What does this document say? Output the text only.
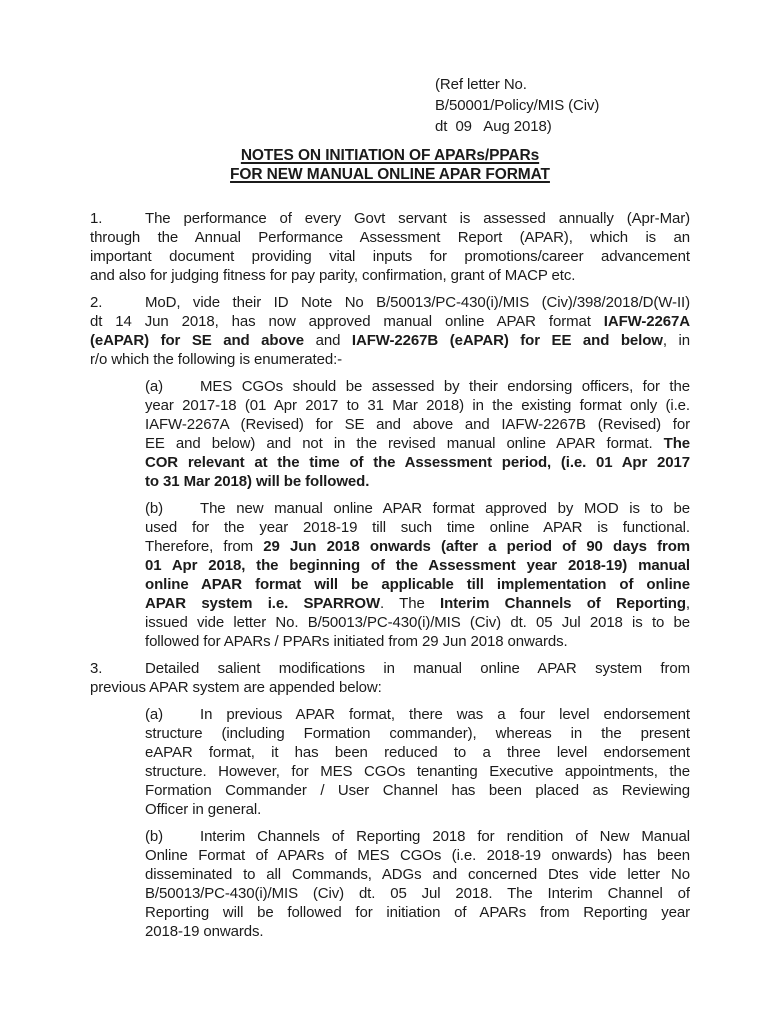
(Ref letter No.
B/50001/Policy/MIS (Civ)
dt  09   Aug 2018)
NOTES ON INITIATION OF APARs/PPARs
FOR NEW MANUAL ONLINE APAR FORMAT
1.	The performance of every Govt servant is assessed annually (Apr-Mar)
through the Annual Performance Assessment Report (APAR), which is an
important document providing vital inputs for promotions/career advancement
and also for judging fitness for pay parity, confirmation, grant of MACP etc.
2.	MoD, vide their ID Note No B/50013/PC-430(i)/MIS (Civ)/398/2018/D(W-II)
dt 14 Jun 2018, has now approved manual online APAR format IAFW-2267A
(eAPAR) for SE and above and IAFW-2267B (eAPAR) for EE and below, in
r/o which the following is enumerated:-
(a) MES CGOs should be assessed by their endorsing officers, for the
year 2017-18 (01 Apr 2017 to 31 Mar 2018) in the existing format only (i.e.
IAFW-2267A (Revised) for SE and above and IAFW-2267B (Revised) for
EE and below) and not in the revised manual online APAR format. The
COR relevant at the time of the Assessment period, (i.e. 01 Apr 2017
to 31 Mar 2018) will be followed.
(b) The new manual online APAR format approved by MOD is to be
used for the year 2018-19 till such time online APAR is functional.
Therefore, from 29 Jun 2018 onwards (after a period of 90 days from
01 Apr 2018, the beginning of the Assessment year 2018-19) manual
online APAR format will be applicable till implementation of online
APAR system i.e. SPARROW. The Interim Channels of Reporting,
issued vide letter No. B/50013/PC-430(i)/MIS (Civ) dt. 05 Jul 2018 is to be
followed for APARs / PPARs initiated from 29 Jun 2018 onwards.
3.	Detailed salient modifications in manual online APAR system from
previous APAR system are appended below:
(a) In previous APAR format, there was a four level endorsement
structure (including Formation commander), whereas in the present
eAPAR format, it has been reduced to a three level endorsement
structure. However, for MES CGOs tenanting Executive appointments, the
Formation Commander / User Channel has been placed as Reviewing
Officer in general.
(b) Interim Channels of Reporting 2018 for rendition of New Manual
Online Format of APARs of MES CGOs (i.e. 2018-19 onwards) has been
disseminated to all Commands, ADGs and concerned Dtes vide letter No
B/50013/PC-430(i)/MIS (Civ) dt. 05 Jul 2018. The Interim Channel of
Reporting will be followed for initiation of APARs from Reporting year
2018-19 onwards.
